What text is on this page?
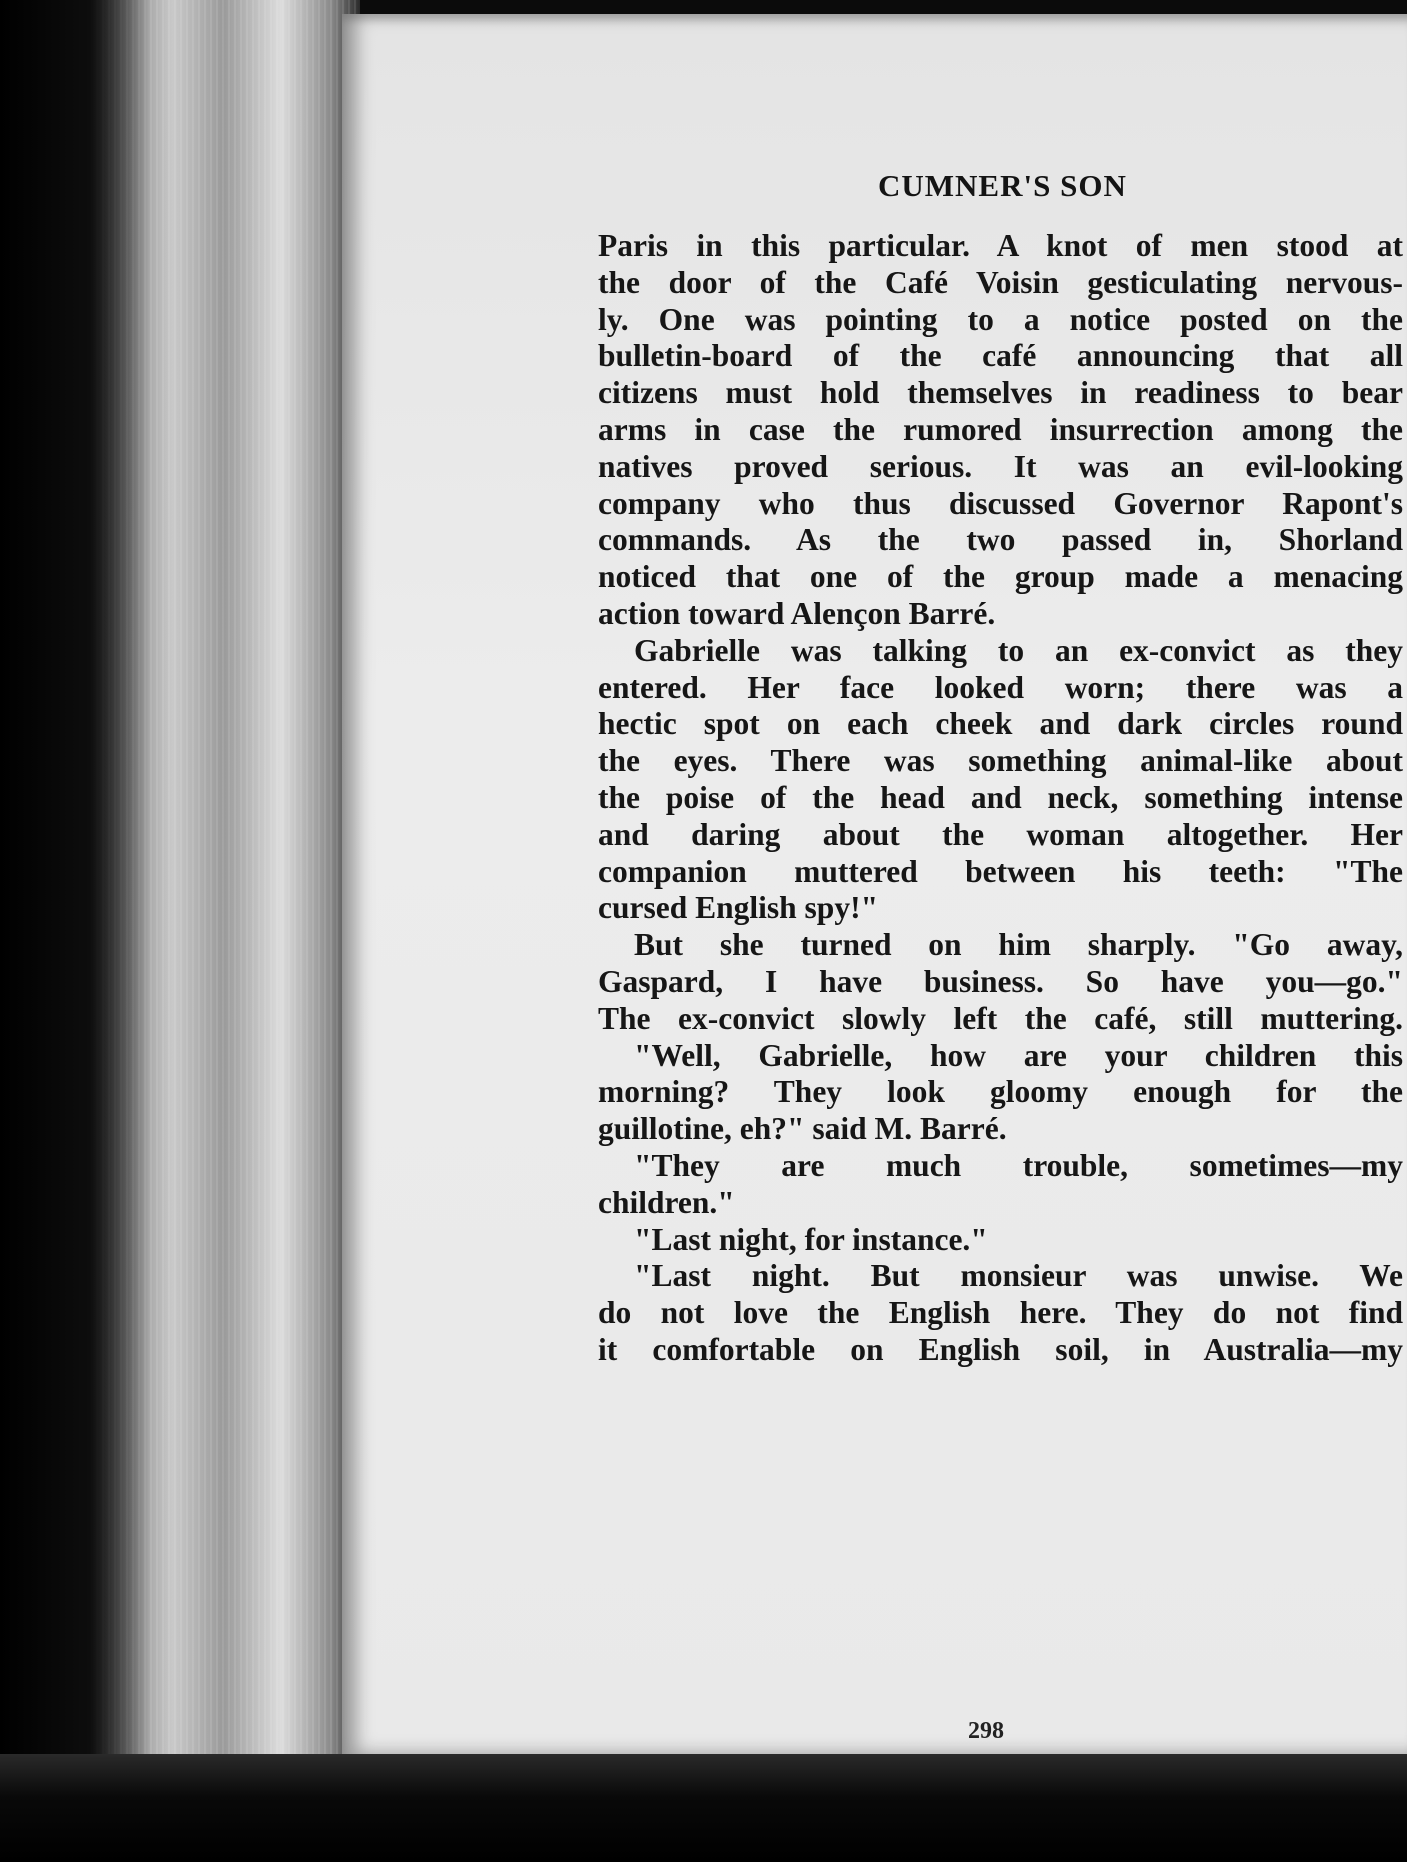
CUMNER'S SON
Paris in this particular. A knot of men stood at
the door of the Café Voisin gesticulating nervous-
ly. One was pointing to a notice posted on the
bulletin-board of the café announcing that all
citizens must hold themselves in readiness to bear
arms in case the rumored insurrection among the
natives proved serious. It was an evil-looking
company who thus discussed Governor Rapont's
commands. As the two passed in, Shorland
noticed that one of the group made a menacing
action toward Alençon Barré.
Gabrielle was talking to an ex-convict as they
entered. Her face looked worn; there was a
hectic spot on each cheek and dark circles round
the eyes. There was something animal-like about
the poise of the head and neck, something intense
and daring about the woman altogether. Her
companion muttered between his teeth: "The
cursed English spy!"
But she turned on him sharply. "Go away,
Gaspard, I have business. So have you—go."
The ex-convict slowly left the café, still muttering.
"Well, Gabrielle, how are your children this
morning? They look gloomy enough for the
guillotine, eh?" said M. Barré.
"They are much trouble, sometimes—my
children."
"Last night, for instance."
"Last night. But monsieur was unwise. We
do not love the English here. They do not find
it comfortable on English soil, in Australia—my
298
